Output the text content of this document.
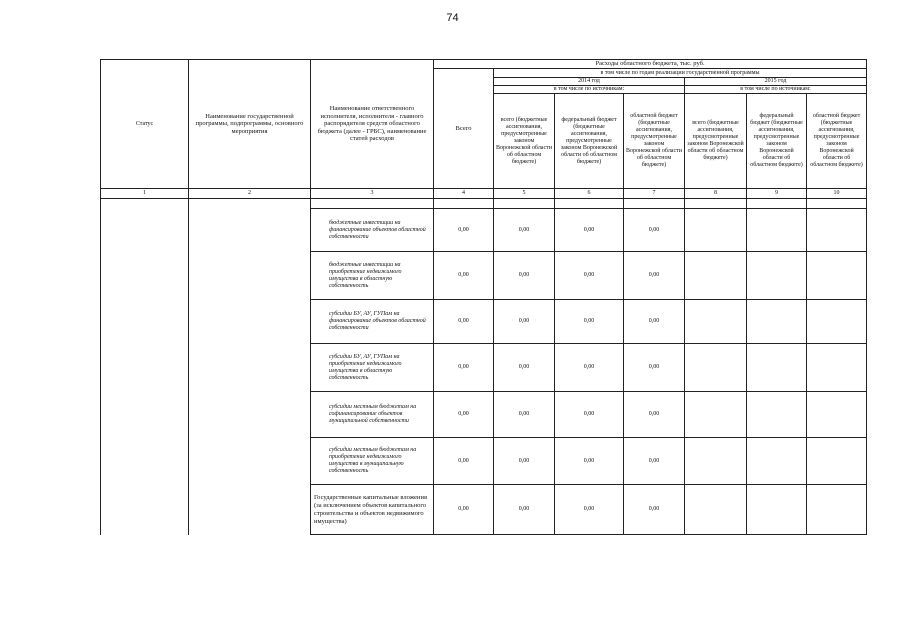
74
Статус	Наименование государственной программы, подпрограммы, основного мероприятия	Наименование ответственного исполнителя, исполнителя - главного распорядителя средств областного бюджета (далее - ГРБС), наименование статей расходов	Расходы областного бюджета, тыс. руб.						
			Всего	в том числе по годам реализации государственной программы					
				2014 год			2015 год		
				в том числе по источникам:			в том числе по источникам:		
				всего (бюджетные ассигнования, предусмотренные законом Воронежской области об областном бюджете)	федеральный бюджет (бюджетные ассигнования, предусмотренные законом Воронежской области об областном бюджете)	областной бюджет (бюджетные ассигнования, предусмотренные законом Воронежской области об областном бюджете)	всего (бюджетные ассигнования, предусмотренные законом Воронежской области об областном бюджете)	федеральный бюджет (бюджетные ассигнования, предусмотренные законом Воронежской области об областном бюджете)	областной бюджет (бюджетные ассигнования, предусмотренные законом Воронежской области об областном бюджете)
1	2	3	4	5	6	7	8	9	10

		бюджетные инвестиции на финансирование объектов областной собственности	0,00	0,00	0,00	0,00			
		бюджетные инвестиции на приобретение недвижимого имущества в областную собственность	0,00	0,00	0,00	0,00			
		субсидии БУ, АУ, ГУПам на финансирование объектов областной собственности	0,00	0,00	0,00	0,00			
		субсидии БУ, АУ, ГУПам на приобретение недвижимого имущества в областную собственность	0,00	0,00	0,00	0,00			
		субсидии местным бюджетам на софинансирование объектов муниципальной собственности	0,00	0,00	0,00	0,00			
		субсидии местным бюджетам на приобретение недвижимого имущества в муниципальную собственность	0,00	0,00	0,00	0,00			
		Государственные капитальные вложения (за исключением объектов капитального строительства и объектов недвижимого имущества)	0,00	0,00	0,00	0,00			
